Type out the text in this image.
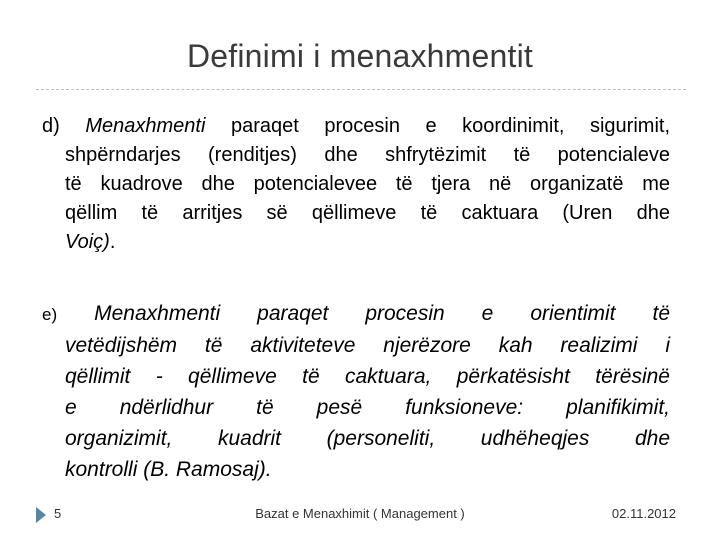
Definimi i menaxhmentit
d) Menaxhmenti paraqet procesin e koordinimit, sigurimit,
shpërndarjes (renditjes) dhe shfrytëzimit të potencialeve
të kuadrove dhe potencialevee të tjera në organizatë me
qëllim të arritjes së qëllimeve të caktuara (Uren dhe
Voiç).
e) Menaxhmenti paraqet procesin e orientimit të
vetëdijshëm të aktiviteteve njerëzore kah realizimi i
qëllimit - qëllimeve të caktuara, përkatësisht tërësinë
e ndërlidhur të pesë funksioneve: planifikimit,
organizimit, kuadrit (personeliti, udhëheqjes dhe
kontrolli (B. Ramosaj).
5	Bazat e Menaxhimit ( Management )	02.11.2012
